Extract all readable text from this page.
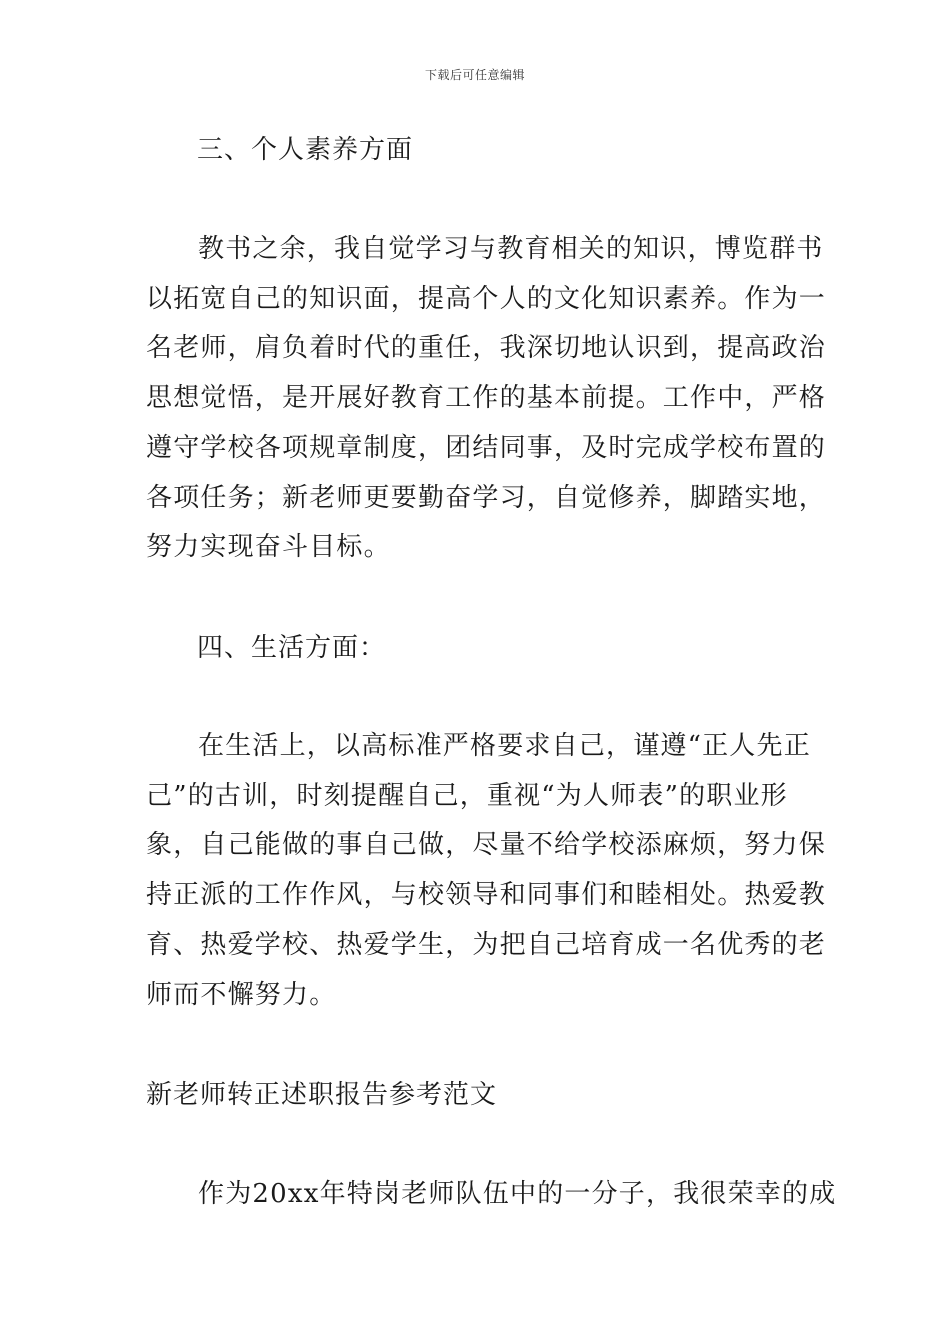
下载后可任意编辑
三、个人素养方面
教书之余，我自觉学习与教育相关的知识，博览群书
以拓宽自己的知识面，提高个人的文化知识素养。作为一
名老师，肩负着时代的重任，我深切地认识到，提高政治
思想觉悟，是开展好教育工作的基本前提。工作中，严格
遵守学校各项规章制度，团结同事，及时完成学校布置的
各项任务；新老师更要勤奋学习，自觉修养，脚踏实地，
努力实现奋斗目标。
四、生活方面：
在生活上，以高标准严格要求自己，谨遵“正人先正
己”的古训，时刻提醒自己，重视“为人师表”的职业形
象，自己能做的事自己做，尽量不给学校添麻烦，努力保
持正派的工作作风，与校领导和同事们和睦相处。热爱教
育、热爱学校、热爱学生，为把自己培育成一名优秀的老
师而不懈努力。
新老师转正述职报告参考范文
作为20xx年特岗老师队伍中的一分子，我很荣幸的成
